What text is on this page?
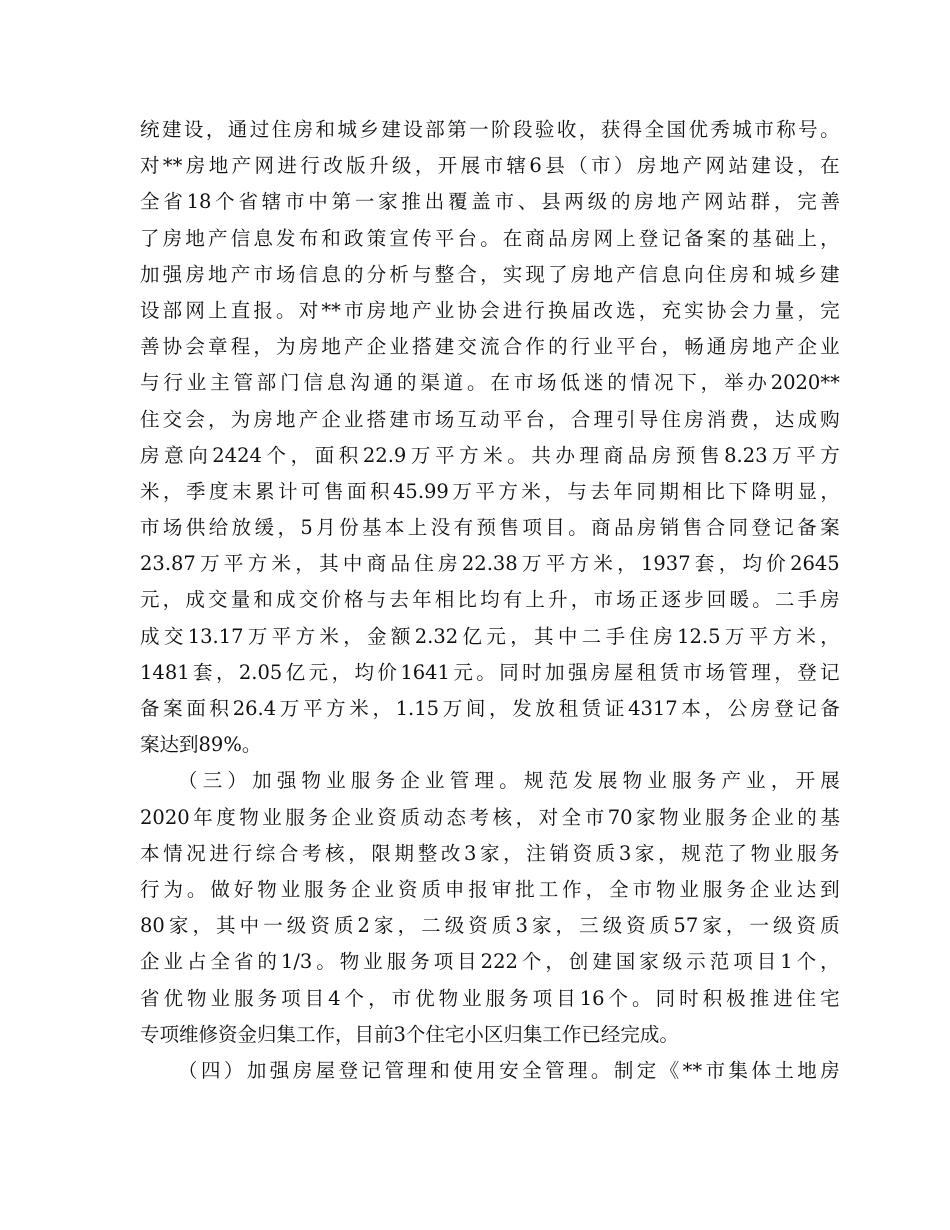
统 建 设 ， 通 过 住 房 和 城 乡 建 设 部 第 一 阶 段 验 收 ， 获 得 全 国 优 秀 城 市 称 号 。
对 ** 房 地 产 网 进 行 改 版 升 级 ， 开 展 市 辖 6 县 （ 市 ） 房 地 产 网 站 建 设 ， 在
全 省 18 个 省 辖 市 中 第 一 家 推 出 覆 盖 市 、 县 两 级 的 房 地 产 网 站 群 ， 完 善
了 房 地 产 信 息 发 布 和 政 策 宣 传 平 台 。 在 商 品 房 网 上 登 记 备 案 的 基 础 上 ，
加 强 房 地 产 市 场 信 息 的 分 析 与 整 合 ， 实 现 了 房 地 产 信 息 向 住 房 和 城 乡 建
设 部 网 上 直 报 。 对 ** 市 房 地 产 业 协 会 进 行 换 届 改 选 ， 充 实 协 会 力 量 ， 完
善 协 会 章 程 ， 为 房 地 产 企 业 搭 建 交 流 合 作 的 行 业 平 台 ， 畅 通 房 地 产 企 业
与 行 业 主 管 部 门 信 息 沟 通 的 渠 道 。 在 市 场 低 迷 的 情 况 下 ， 举 办 2020**
住 交 会 ， 为 房 地 产 企 业 搭 建 市 场 互 动 平 台 ， 合 理 引 导 住 房 消 费 ， 达 成 购
房 意 向 2424 个 ， 面 积 22.9 万 平 方 米 。 共 办 理 商 品 房 预 售 8.23 万 平 方
米 ， 季 度 末 累 计 可 售 面 积 45.99 万 平 方 米 ， 与 去 年 同 期 相 比 下 降 明 显 ，
市 场 供 给 放 缓 ， 5 月 份 基 本 上 没 有 预 售 项 目 。 商 品 房 销 售 合 同 登 记 备 案
23.87 万 平 方 米 ， 其 中 商 品 住 房 22.38 万 平 方 米 ， 1937 套 ， 均 价 2645
元 ， 成 交 量 和 成 交 价 格 与 去 年 相 比 均 有 上 升 ， 市 场 正 逐 步 回 暖 。 二 手 房
成 交 13.17 万 平 方 米 ， 金 额 2.32 亿 元 ， 其 中 二 手 住 房 12.5 万 平 方 米 ，
1481 套 ， 2.05 亿 元 ， 均 价 1641 元 。 同 时 加 强 房 屋 租 赁 市 场 管 理 ， 登 记
备 案 面 积 26.4 万 平 方 米 ， 1.15 万 间 ， 发 放 租 赁 证 4317 本 ， 公 房 登 记 备
案达到89%。
（ 三 ） 加 强 物 业 服 务 企 业 管 理 。 规 范 发 展 物 业 服 务 产 业 ， 开 展
2020 年 度 物 业 服 务 企 业 资 质 动 态 考 核 ， 对 全 市 70 家 物 业 服 务 企 业 的 基
本 情 况 进 行 综 合 考 核 ， 限 期 整 改 3 家 ， 注 销 资 质 3 家 ， 规 范 了 物 业 服 务
行 为 。 做 好 物 业 服 务 企 业 资 质 申 报 审 批 工 作 ， 全 市 物 业 服 务 企 业 达 到
80 家 ， 其 中 一 级 资 质 2 家 ， 二 级 资 质 3 家 ， 三 级 资 质 57 家 ， 一 级 资 质
企 业 占 全 省 的 1/3 。 物 业 服 务 项 目 222 个 ， 创 建 国 家 级 示 范 项 目 1 个 ，
省 优 物 业 服 务 项 目 4 个 ， 市 优 物 业 服 务 项 目 16 个 。 同 时 积 极 推 进 住 宅
专项维修资金归集工作，目前3个住宅小区归集工作已经完成。
（ 四 ） 加 强 房 屋 登 记 管 理 和 使 用 安 全 管 理 。 制 定 《 ** 市 集 体 土 地 房
